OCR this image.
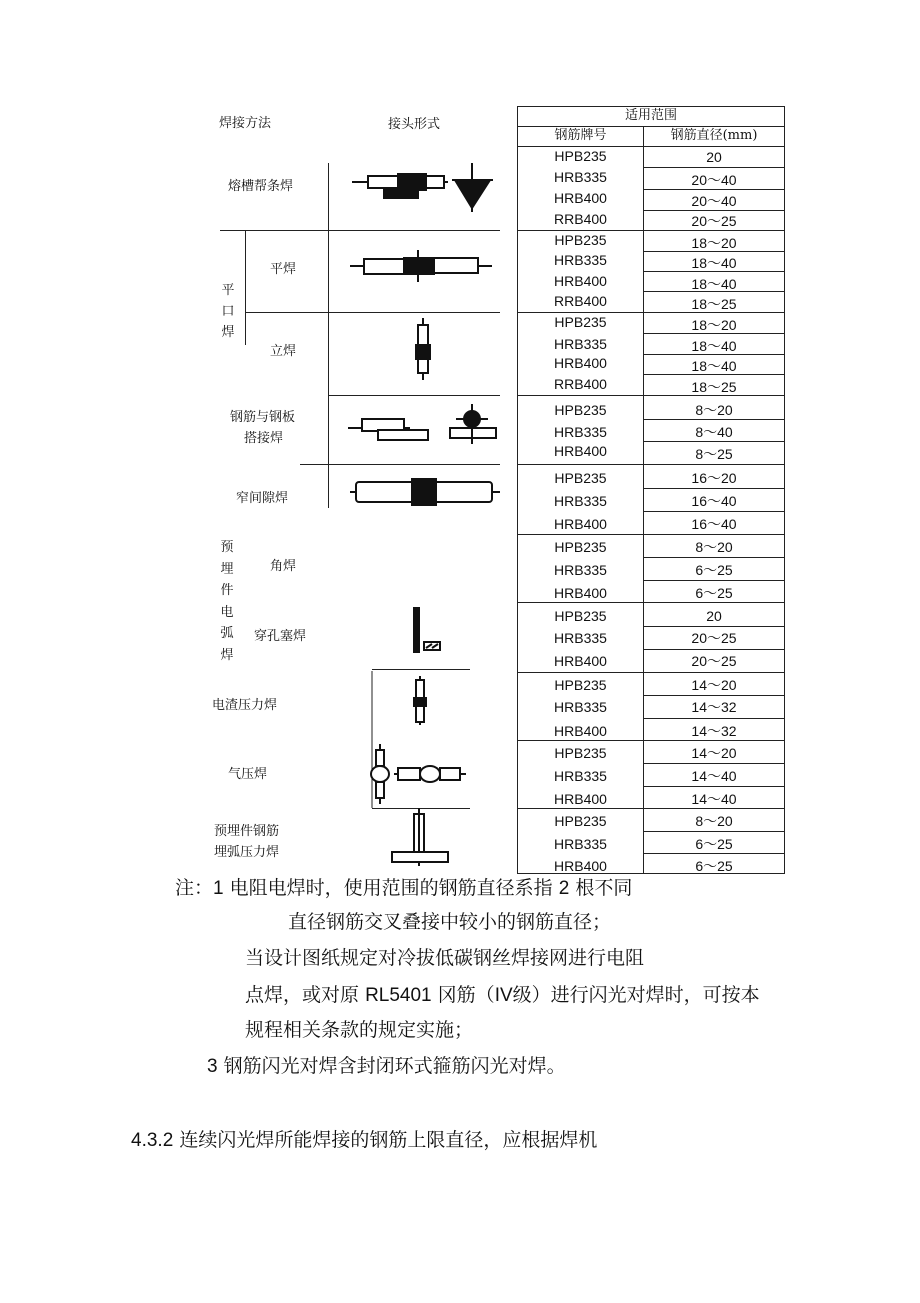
焊接方法	接头形式
适用范围
钢筋牌号	钢筋直径(mm)
熔槽帮条焊
平
口
焊
平焊
立焊
钢筋与钢板
搭接焊
窄间隙焊
预
埋
件
电
弧
焊
角焊
穿孔塞焊
电渣压力焊
气压焊
预埋件钢筋
埋弧压力焊
HPB235
HRB335
HRB400
RRB400
HPB235
HRB335
HRB400
RRB400
HPB235
HRB335
HRB400
RRB400
HPB235
HRB335
HRB400
HPB235
HRB335
HRB400
HPB235
HRB335
HRB400
HPB235
HRB335
HRB400
HPB235
HRB335
HRB400
HPB235
HRB335
HRB400
HPB235
HRB335
HRB400
20
20～40
20～40
20～25
18～20
18～40
18～40
18～25
18～20
18～40
18～40
18～25
8～20
8～40
8～25
16～20
16～40
16～40
8～20
6～25
6～25
20
20～25
20～25
14～20
14～32
14～32
14～20
14～40
14～40
8～20
6～25
6～25
注：1 电阻电焊时，使用范围的钢筋直径系指 2 根不同
直径钢筋交叉叠接中较小的钢筋直径；
当设计图纸规定对冷拔低碳钢丝焊接网进行电阻
点焊，或对原 RL5401 冈筋（IV级）进行闪光对焊时，可按本
规程相关条款的规定实施；
3 钢筋闪光对焊含封闭环式箍筋闪光对焊。
4.3.2 连续闪光焊所能焊接的钢筋上限直径，应根据焊机
